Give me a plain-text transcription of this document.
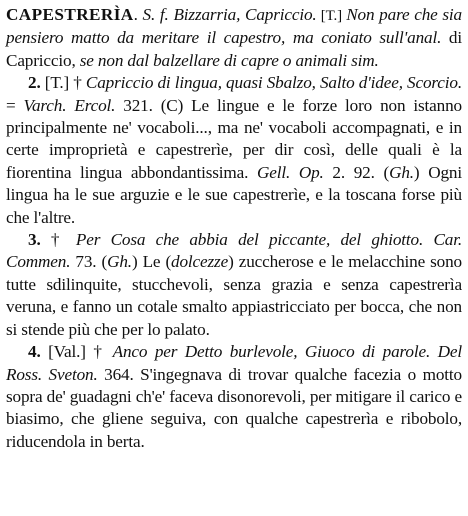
CAPESTRERÌA. S. f. Bizzarria, Capriccio. [T.] Non pare che sia pensiero matto da meritare il capestro, ma coniato sull'anal. di Capriccio, se non dal balzellare di capre o animali sim.

2. [T.] † Capriccio di lingua, quasi Sbalzo, Salto d'idee, Scorcio. = Varch. Ercol. 321. (C) Le lingue e le forze loro non istanno principalmente ne' vocaboli..., ma ne' vocaboli accompagnati, e in certe improprietà e capestrerìe, per dir così, delle quali è la fiorentina lingua abbondantissima. Gell. Op. 2. 92. (Gh.) Ogni lingua ha le sue arguzie e le sue capestrerìe, e la toscana forse più che l'altre.

3. † Per Cosa che abbia del piccante, del ghiotto. Car. Commen. 73. (Gh.) Le (dolcezze) zuccherose e le melacchine sono tutte sdilinquite, stucchevoli, senza grazia e senza capestrerìa veruna, e fanno un cotale smalto appiastricciato per bocca, che non si stende più che per lo palato.

4. [Val.] † Anco per Detto burlevole, Giuoco di parole. Del Ross. Sveton. 364. S'ingegnava di trovar qualche facezia o motto sopra de' guadagni ch'e' faceva disonorevoli, per mitigare il carico e biasimo, che gliene seguiva, con qualche capestrerìa e ribobolo, riducendola in berta.
